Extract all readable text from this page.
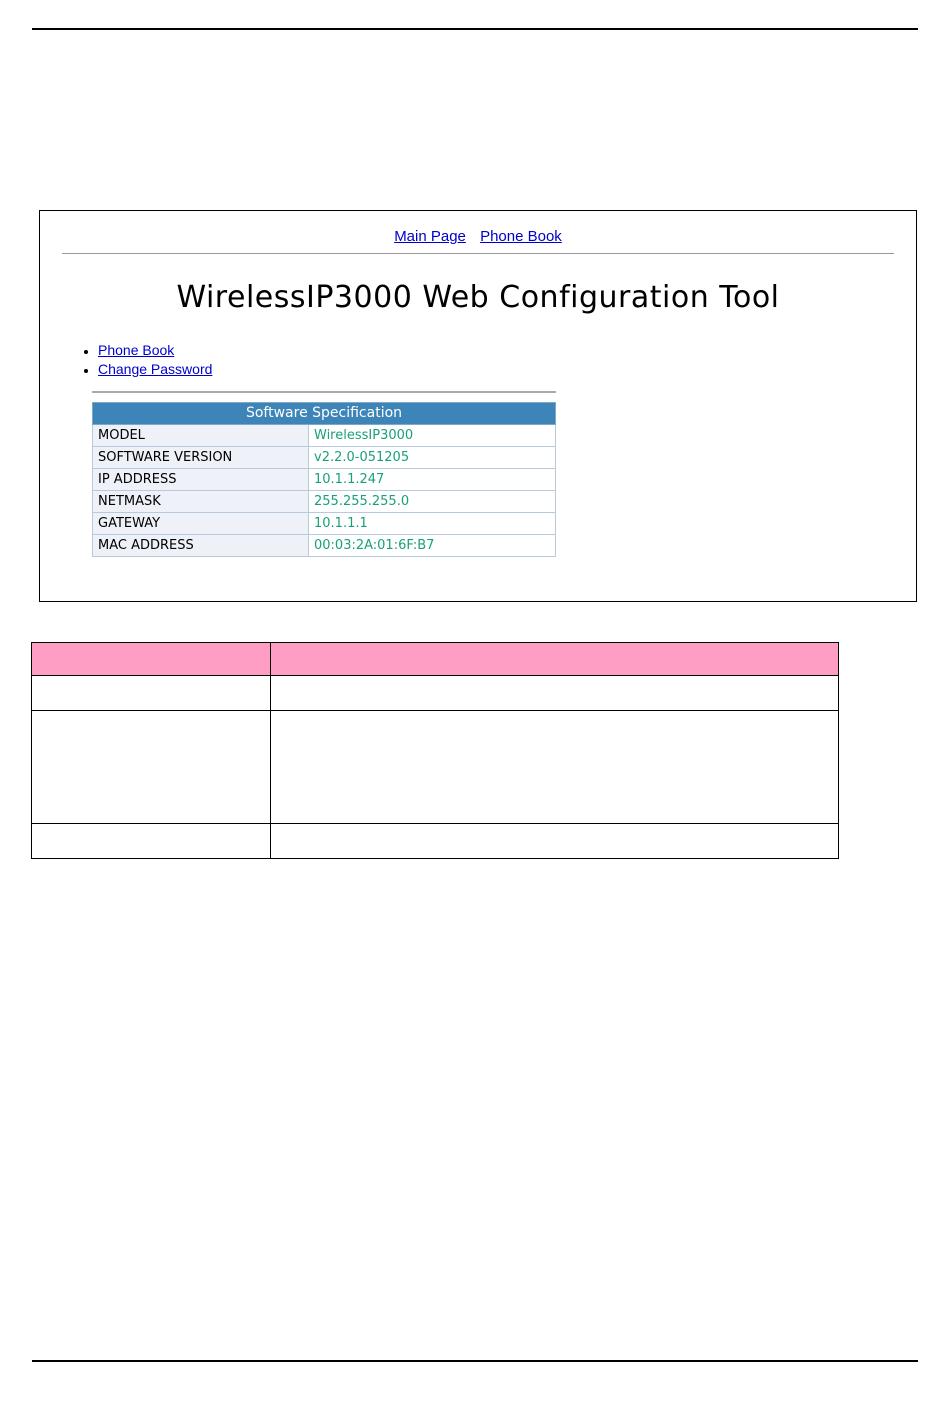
Main Page Phone Book
WirelessIP3000 Web Configuration Tool
• Phone Book
• Change Password
Software Specification	
MODEL	WirelessIP3000
SOFTWARE VERSION	v2.2.0-051205
IP ADDRESS	10.1.1.247
NETMASK	255.255.255.0
GATEWAY	10.1.1.1
MAC ADDRESS	00:03:2A:01:6F:B7
